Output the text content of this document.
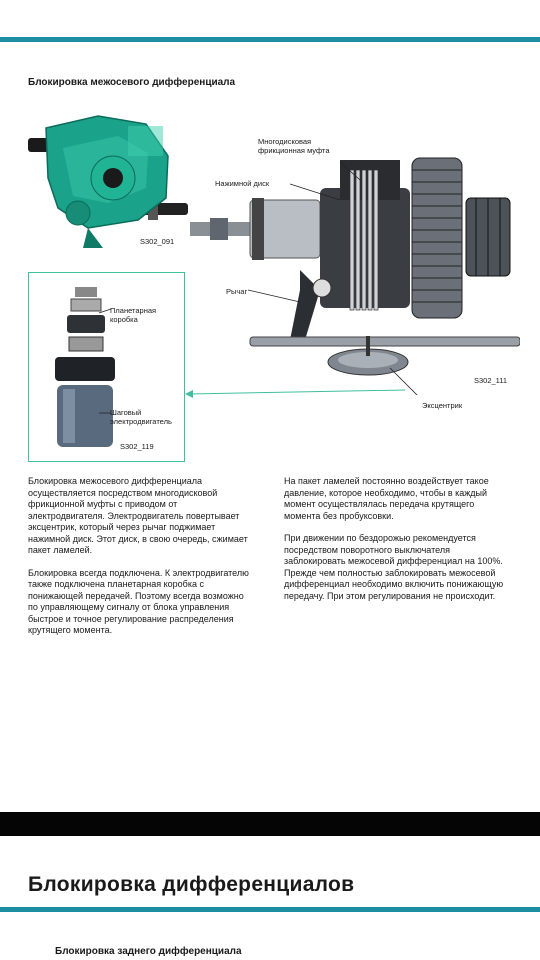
Блокировка межосевого дифференциала
S302_091
Многодисковая
фрикционная муфта
Нажимной диск
Рычаг
Эксцентрик
S302_111
Планетарная
коробка
Шаговый
электродвигатель
S302_119

Блокировка межосевого дифференциала осуществляется посредством многодисковой фрикционной муфты с приводом от электродвигателя. Электродвигатель повертывает эксцентрик, который через рычаг поджимает нажимной диск. Этот диск, в свою очередь, сжимает пакет ламелей.

Блокировка всегда подключена. К электродвигателю также подключена планетарная коробка с понижающей передачей. Поэтому всегда возможно по управляющему сигналу от блока управления быстрое и точное регулирование распределения крутящего момента.

На пакет ламелей постоянно воздействует такое давление, которое необходимо, чтобы в каждый момент осуществлялась передача крутящего момента без пробуксовки.

При движении по бездорожью рекомендуется посредством поворотного выключателя заблокировать межосевой дифференциал на 100%. Прежде чем полностью заблокировать межосевой дифференциал необходимо включить понижающую передачу. При этом регулирования не происходит.

Блокировка дифференциалов
Блокировка заднего дифференциала
